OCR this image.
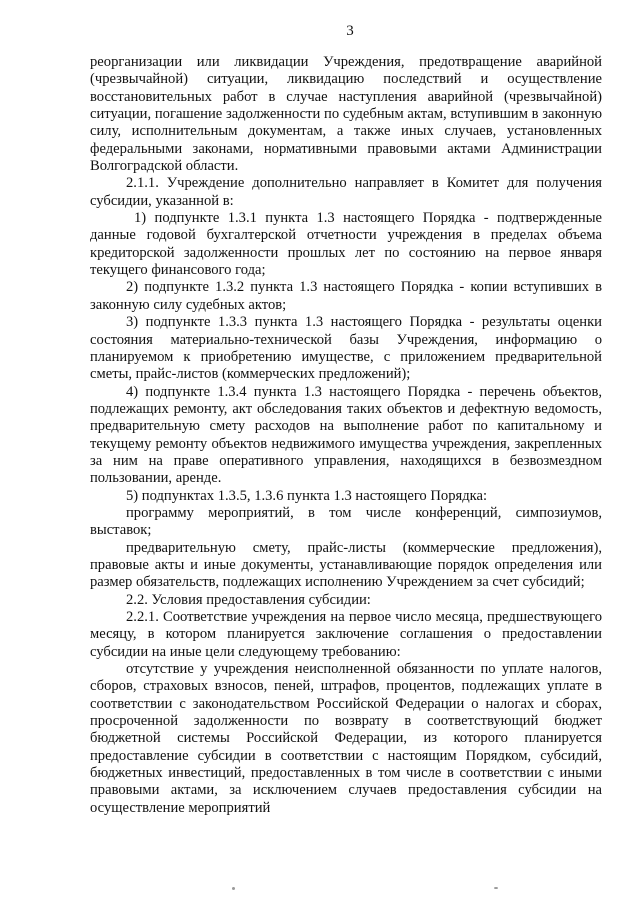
3

реорганизации или ликвидации Учреждения, предотвращение аварийной (чрезвычайной) ситуации, ликвидацию последствий и осуществление восстановительных работ в случае наступления аварийной (чрезвычайной) ситуации, погашение задолженности по судебным актам, вступившим в законную силу, исполнительным документам, а также иных случаев, установленных федеральными законами, нормативными правовыми актами Администрации Волгоградской области.

2.1.1. Учреждение дополнительно направляет в Комитет для получения субсидии, указанной в:

1) подпункте 1.3.1 пункта 1.3 настоящего Порядка - подтвержденные данные годовой бухгалтерской отчетности учреждения в пределах объема кредиторской задолженности прошлых лет по состоянию на первое января текущего финансового года;

2) подпункте 1.3.2 пункта 1.3 настоящего Порядка - копии вступивших в законную силу судебных актов;

3) подпункте 1.3.3 пункта 1.3 настоящего Порядка - результаты оценки состояния материально-технической базы Учреждения, информацию о планируемом к приобретению имуществе, с приложением предварительной сметы, прайс-листов (коммерческих предложений);

4) подпункте 1.3.4 пункта 1.3 настоящего Порядка - перечень объектов, подлежащих ремонту, акт обследования таких объектов и дефектную ведомость, предварительную смету расходов на выполнение работ по капитальному и текущему ремонту объектов недвижимого имущества учреждения, закрепленных за ним на праве оперативного управления, находящихся в безвозмездном пользовании, аренде.

5) подпунктах 1.3.5, 1.3.6 пункта 1.3 настоящего Порядка:

программу мероприятий, в том числе конференций, симпозиумов, выставок;

предварительную смету, прайс-листы (коммерческие предложения), правовые акты и иные документы, устанавливающие порядок определения или размер обязательств, подлежащих исполнению Учреждением за счет субсидий;

2.2. Условия предоставления субсидии:

2.2.1. Соответствие учреждения на первое число месяца, предшествующего месяцу, в котором планируется заключение соглашения о предоставлении субсидии на иные цели следующему требованию:

отсутствие у учреждения неисполненной обязанности по уплате налогов, сборов, страховых взносов, пеней, штрафов, процентов, подлежащих уплате в соответствии с законодательством Российской Федерации о налогах и сборах, просроченной задолженности по возврату в соответствующий бюджет бюджетной системы Российской Федерации, из которого планируется предоставление субсидии в соответствии с настоящим Порядком, субсидий, бюджетных инвестиций, предоставленных в том числе в соответствии с иными правовыми актами, за исключением случаев предоставления субсидии на осуществление мероприятий
